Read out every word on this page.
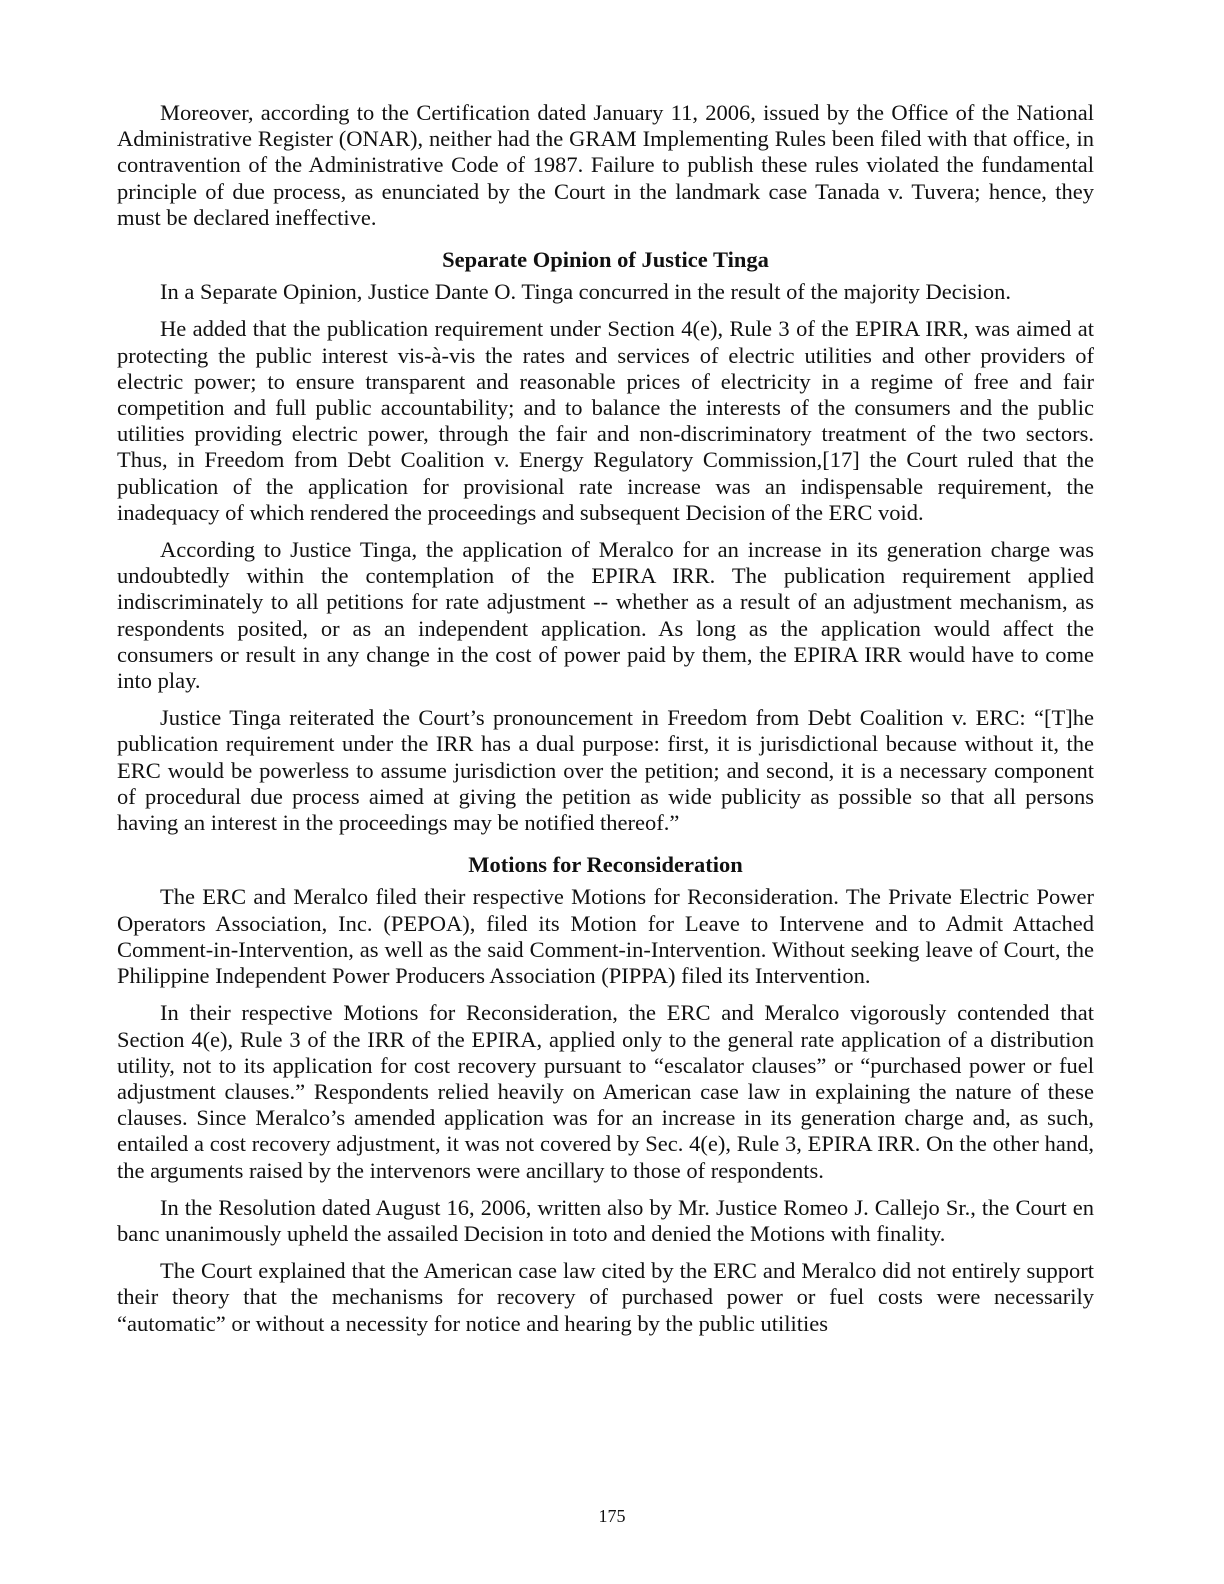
Moreover, according to the Certification dated January 11, 2006, issued by the Office of the National Administrative Register (ONAR), neither had the GRAM Implementing Rules been filed with that office, in contravention of the Administrative Code of 1987. Failure to publish these rules violated the fundamental principle of due process, as enunciated by the Court in the landmark case Tanada v. Tuvera; hence, they must be declared ineffective.

Separate Opinion of Justice Tinga

In a Separate Opinion, Justice Dante O. Tinga concurred in the result of the majority Decision.

He added that the publication requirement under Section 4(e), Rule 3 of the EPIRA IRR, was aimed at protecting the public interest vis-à-vis the rates and services of electric utilities and other providers of electric power; to ensure transparent and reasonable prices of electricity in a regime of free and fair competition and full public accountability; and to balance the interests of the consumers and the public utilities providing electric power, through the fair and non-discriminatory treatment of the two sectors. Thus, in Freedom from Debt Coalition v. Energy Regulatory Commission,[17] the Court ruled that the publication of the application for provisional rate increase was an indispensable requirement, the inadequacy of which rendered the proceedings and subsequent Decision of the ERC void.

According to Justice Tinga, the application of Meralco for an increase in its generation charge was undoubtedly within the contemplation of the EPIRA IRR. The publication requirement applied indiscriminately to all petitions for rate adjustment -- whether as a result of an adjustment mechanism, as respondents posited, or as an independent application. As long as the application would affect the consumers or result in any change in the cost of power paid by them, the EPIRA IRR would have to come into play.

Justice Tinga reiterated the Court’s pronouncement in Freedom from Debt Coalition v. ERC: “[T]he publication requirement under the IRR has a dual purpose: first, it is jurisdictional because without it, the ERC would be powerless to assume jurisdiction over the petition; and second, it is a necessary component of procedural due process aimed at giving the petition as wide publicity as possible so that all persons having an interest in the proceedings may be notified thereof.”

Motions for Reconsideration

The ERC and Meralco filed their respective Motions for Reconsideration. The Private Electric Power Operators Association, Inc. (PEPOA), filed its Motion for Leave to Intervene and to Admit Attached Comment-in-Intervention, as well as the said Comment-in-Intervention. Without seeking leave of Court, the Philippine Independent Power Producers Association (PIPPA) filed its Intervention.

In their respective Motions for Reconsideration, the ERC and Meralco vigorously contended that Section 4(e), Rule 3 of the IRR of the EPIRA, applied only to the general rate application of a distribution utility, not to its application for cost recovery pursuant to “escalator clauses” or “purchased power or fuel adjustment clauses.” Respondents relied heavily on American case law in explaining the nature of these clauses. Since Meralco’s amended application was for an increase in its generation charge and, as such, entailed a cost recovery adjustment, it was not covered by Sec. 4(e), Rule 3, EPIRA IRR. On the other hand, the arguments raised by the intervenors were ancillary to those of respondents.

In the Resolution dated August 16, 2006, written also by Mr. Justice Romeo J. Callejo Sr., the Court en banc unanimously upheld the assailed Decision in toto and denied the Motions with finality.

The Court explained that the American case law cited by the ERC and Meralco did not entirely support their theory that the mechanisms for recovery of purchased power or fuel costs were necessarily “automatic” or without a necessity for notice and hearing by the public utilities

175
